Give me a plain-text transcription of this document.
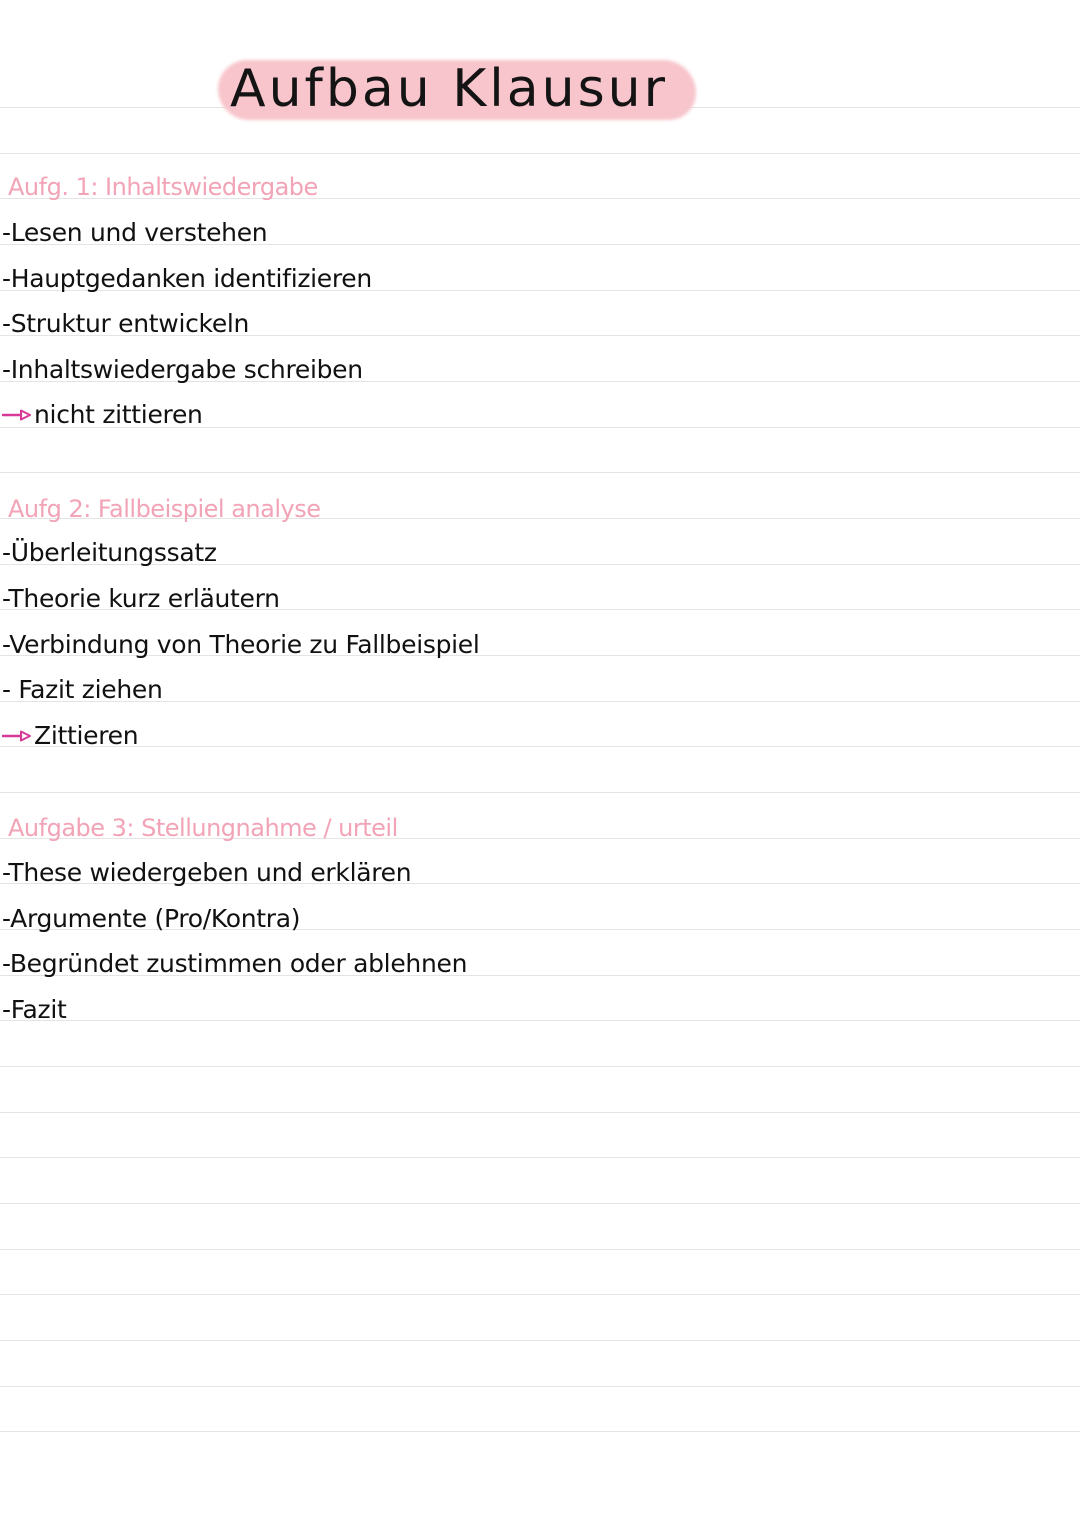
Aufbau Klausur
Aufg. 1: Inhaltswiedergabe
-Lesen und verstehen
-Hauptgedanken identifizieren
-Struktur entwickeln
-Inhaltswiedergabe schreiben
nicht zittieren
Aufg 2: Fallbeispiel analyse
-Überleitungssatz
-Theorie kurz erläutern
-Verbindung von Theorie zu Fallbeispiel
- Fazit ziehen
Zittieren
Aufgabe 3: Stellungnahme / urteil
-These wiedergeben und erklären
-Argumente (Pro/Kontra)
-Begründet zustimmen oder ablehnen
-Fazit
